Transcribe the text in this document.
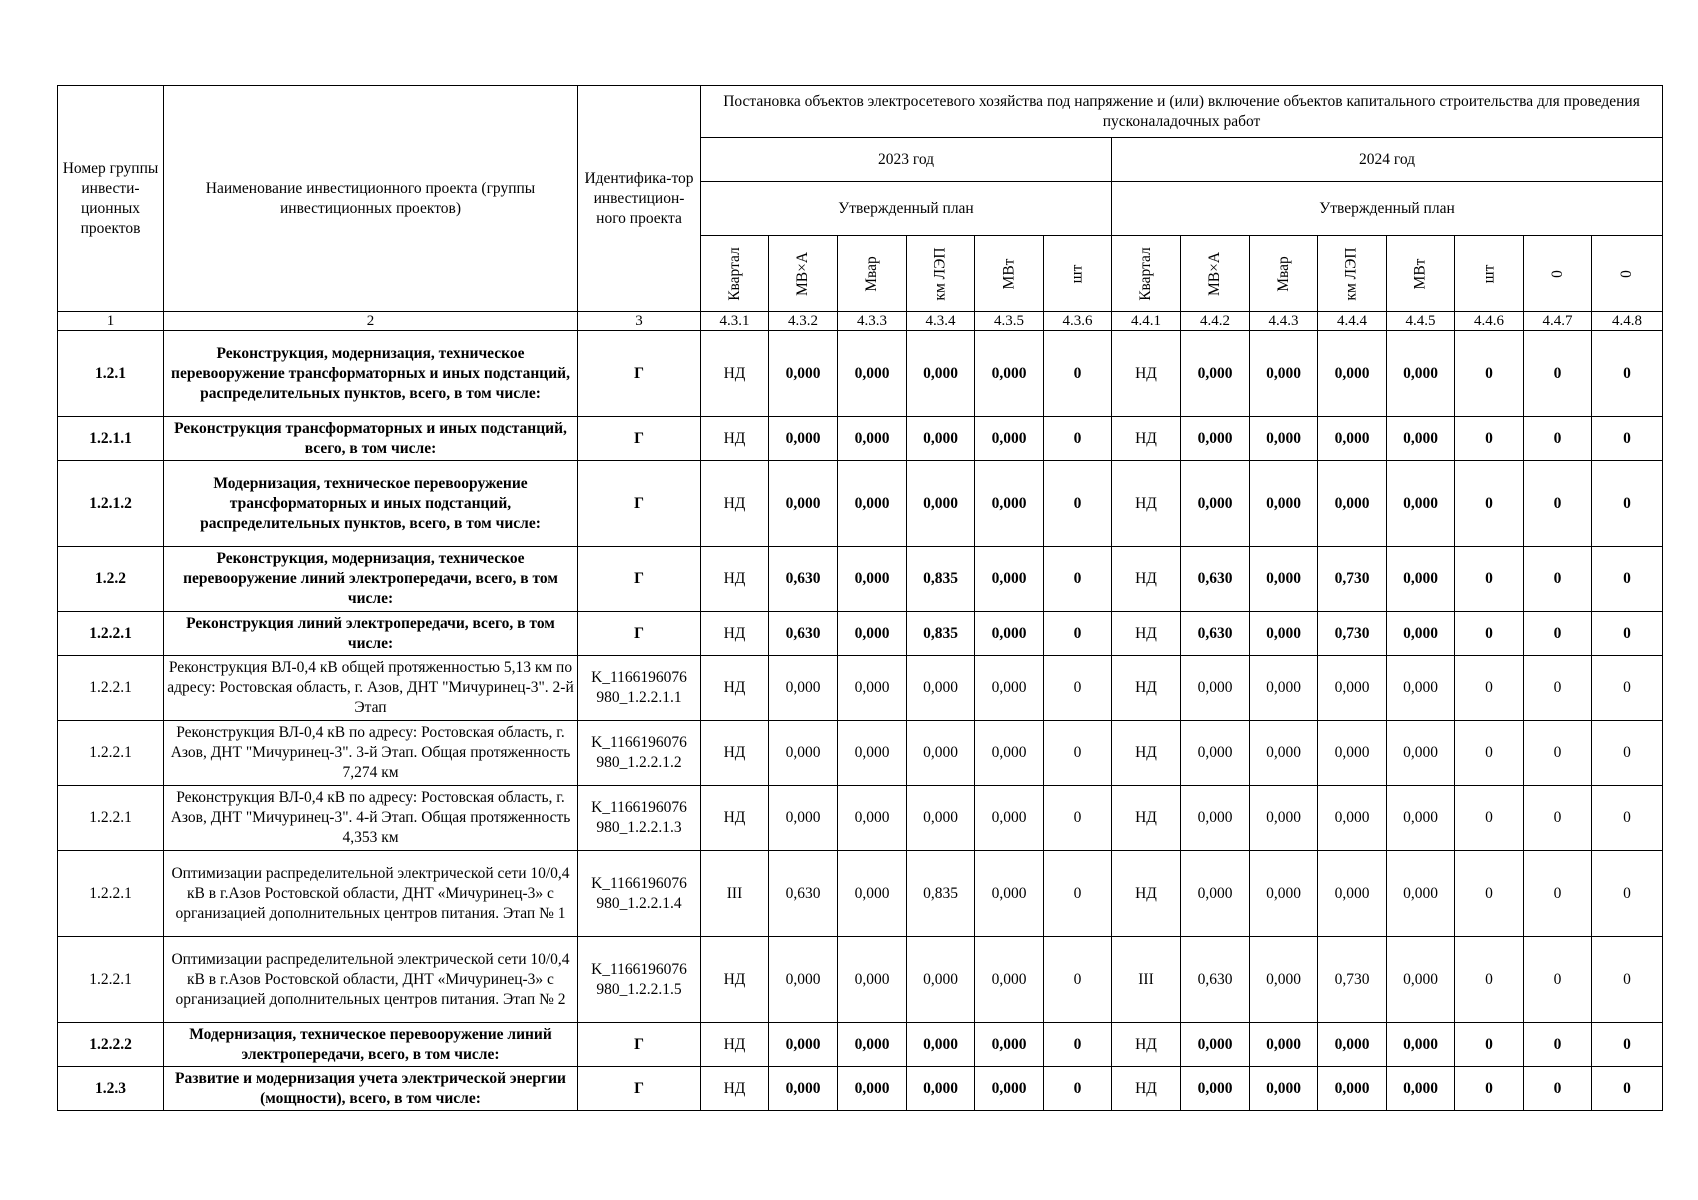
Номер группы инвести-ционных проектов	Наименование инвестиционного проекта (группы инвестиционных проектов)	Идентифика-тор инвестицион-ного проекта	Постановка объектов электросетевого хозяйства под напряжение и (или) включение объектов капитального строительства для проведения пусконаладочных работ													
			2023 год						2024 год							
			Утвержденный план						Утвержденный план							
			Квартал	МВ×А	Мвар	км ЛЭП	МВт	шт	Квартал	МВ×А	Мвар	км ЛЭП	МВт	шт	0	0
1	2	3	4.3.1	4.3.2	4.3.3	4.3.4	4.3.5	4.3.6	4.4.1	4.4.2	4.4.3	4.4.4	4.4.5	4.4.6	4.4.7	4.4.8
1.2.1	Реконструкция, модернизация, техническое перевооружение трансформаторных и иных подстанций, распределительных пунктов, всего, в том числе:	Г	НД	0,000	0,000	0,000	0,000	0	НД	0,000	0,000	0,000	0,000	0	0	0
1.2.1.1	Реконструкция трансформаторных и иных подстанций, всего, в том числе:	Г	НД	0,000	0,000	0,000	0,000	0	НД	0,000	0,000	0,000	0,000	0	0	0
1.2.1.2	Модернизация, техническое перевооружение трансформаторных и иных подстанций, распределительных пунктов, всего, в том числе:	Г	НД	0,000	0,000	0,000	0,000	0	НД	0,000	0,000	0,000	0,000	0	0	0
1.2.2	Реконструкция, модернизация, техническое перевооружение линий электропередачи, всего, в том числе:	Г	НД	0,630	0,000	0,835	0,000	0	НД	0,630	0,000	0,730	0,000	0	0	0
1.2.2.1	Реконструкция линий электропередачи, всего, в том числе:	Г	НД	0,630	0,000	0,835	0,000	0	НД	0,630	0,000	0,730	0,000	0	0	0
1.2.2.1	Реконструкция ВЛ-0,4 кВ общей протяженностью 5,13 км по адресу: Ростовская область, г. Азов, ДНТ "Мичуринец-3". 2-й Этап	K_1166196076 980_1.2.2.1.1	НД	0,000	0,000	0,000	0,000	0	НД	0,000	0,000	0,000	0,000	0	0	0
1.2.2.1	Реконструкция ВЛ-0,4 кВ по адресу: Ростовская область, г. Азов, ДНТ "Мичуринец-3". 3-й Этап. Общая протяженность 7,274 км	K_1166196076 980_1.2.2.1.2	НД	0,000	0,000	0,000	0,000	0	НД	0,000	0,000	0,000	0,000	0	0	0
1.2.2.1	Реконструкция ВЛ-0,4 кВ по адресу: Ростовская область, г. Азов, ДНТ "Мичуринец-3". 4-й Этап. Общая протяженность 4,353 км	K_1166196076 980_1.2.2.1.3	НД	0,000	0,000	0,000	0,000	0	НД	0,000	0,000	0,000	0,000	0	0	0
1.2.2.1	Оптимизации распределительной электрической сети 10/0,4 кВ в г.Азов Ростовской области, ДНТ «Мичуринец-3» с организацией дополнительных центров питания. Этап № 1	K_1166196076 980_1.2.2.1.4	III	0,630	0,000	0,835	0,000	0	НД	0,000	0,000	0,000	0,000	0	0	0
1.2.2.1	Оптимизации распределительной электрической сети 10/0,4 кВ в г.Азов Ростовской области, ДНТ «Мичуринец-3» с организацией дополнительных центров питания. Этап № 2	K_1166196076 980_1.2.2.1.5	НД	0,000	0,000	0,000	0,000	0	III	0,630	0,000	0,730	0,000	0	0	0
1.2.2.2	Модернизация, техническое перевооружение линий электропередачи, всего, в том числе:	Г	НД	0,000	0,000	0,000	0,000	0	НД	0,000	0,000	0,000	0,000	0	0	0
1.2.3	Развитие и модернизация учета электрической энергии (мощности), всего, в том числе:	Г	НД	0,000	0,000	0,000	0,000	0	НД	0,000	0,000	0,000	0,000	0	0	0
